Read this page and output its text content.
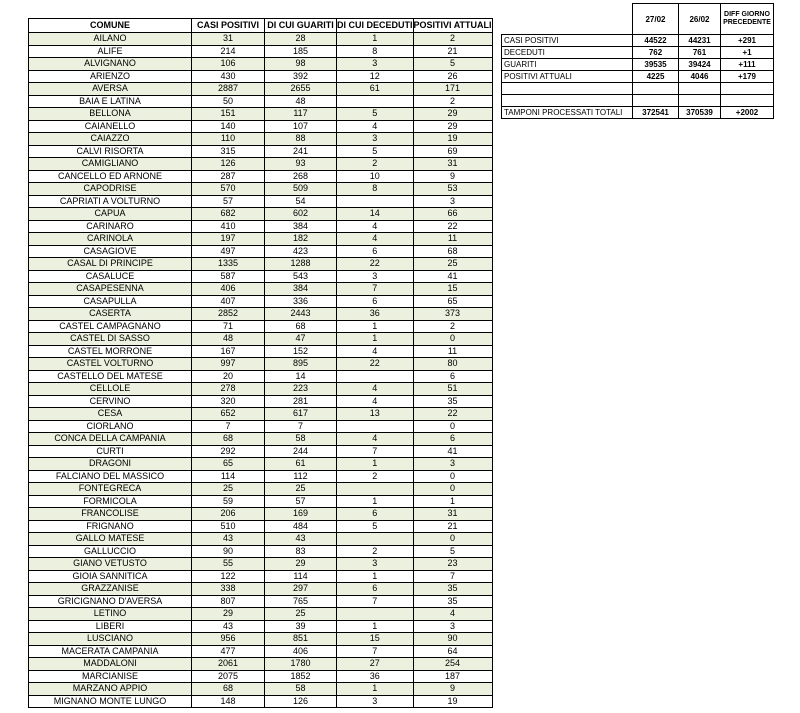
COMUNE	CASI POSITIVI	DI CUI GUARITI	DI CUI DECEDUTI	POSITIVI ATTUALI
AILANO	31	28	1	2
ALIFE	214	185	8	21
ALVIGNANO	106	98	3	5
ARIENZO	430	392	12	26
AVERSA	2887	2655	61	171
BAIA E LATINA	50	48		2
BELLONA	151	117	5	29
CAIANELLO	140	107	4	29
CAIAZZO	110	88	3	19
CALVI RISORTA	315	241	5	69
CAMIGLIANO	126	93	2	31
CANCELLO ED ARNONE	287	268	10	9
CAPODRISE	570	509	8	53
CAPRIATI A VOLTURNO	57	54		3
CAPUA	682	602	14	66
CARINARO	410	384	4	22
CARINOLA	197	182	4	11
CASAGIOVE	497	423	6	68
CASAL DI PRINCIPE	1335	1288	22	25
CASALUCE	587	543	3	41
CASAPESENNA	406	384	7	15
CASAPULLA	407	336	6	65
CASERTA	2852	2443	36	373
CASTEL CAMPAGNANO	71	68	1	2
CASTEL DI SASSO	48	47	1	0
CASTEL MORRONE	167	152	4	11
CASTEL VOLTURNO	997	895	22	80
CASTELLO DEL MATESE	20	14		6
CELLOLE	278	223	4	51
CERVINO	320	281	4	35
CESA	652	617	13	22
CIORLANO	7	7		0
CONCA DELLA CAMPANIA	68	58	4	6
CURTI	292	244	7	41
DRAGONI	65	61	1	3
FALCIANO DEL MASSICO	114	112	2	0
FONTEGRECA	25	25		0
FORMICOLA	59	57	1	1
FRANCOLISE	206	169	6	31
FRIGNANO	510	484	5	21
GALLO MATESE	43	43		0
GALLUCCIO	90	83	2	5
GIANO VETUSTO	55	29	3	23
GIOIA SANNITICA	122	114	1	7
GRAZZANISE	338	297	6	35
GRICIGNANO D'AVERSA	807	765	7	35
LETINO	29	25		4
LIBERI	43	39	1	3
LUSCIANO	956	851	15	90
MACERATA CAMPANIA	477	406	7	64
MADDALONI	2061	1780	27	254
MARCIANISE	2075	1852	36	187
MARZANO APPIO	68	58	1	9
MIGNANO MONTE LUNGO	148	126	3	19
	27/02	26/02	DIFF GIORNO PRECEDENTE
CASI POSITIVI	44522	44231	+291
DECEDUTI	762	761	+1
GUARITI	39535	39424	+111
POSITIVI ATTUALI	4225	4046	+179

TAMPONI PROCESSATI TOTALI	372541	370539	+2002
